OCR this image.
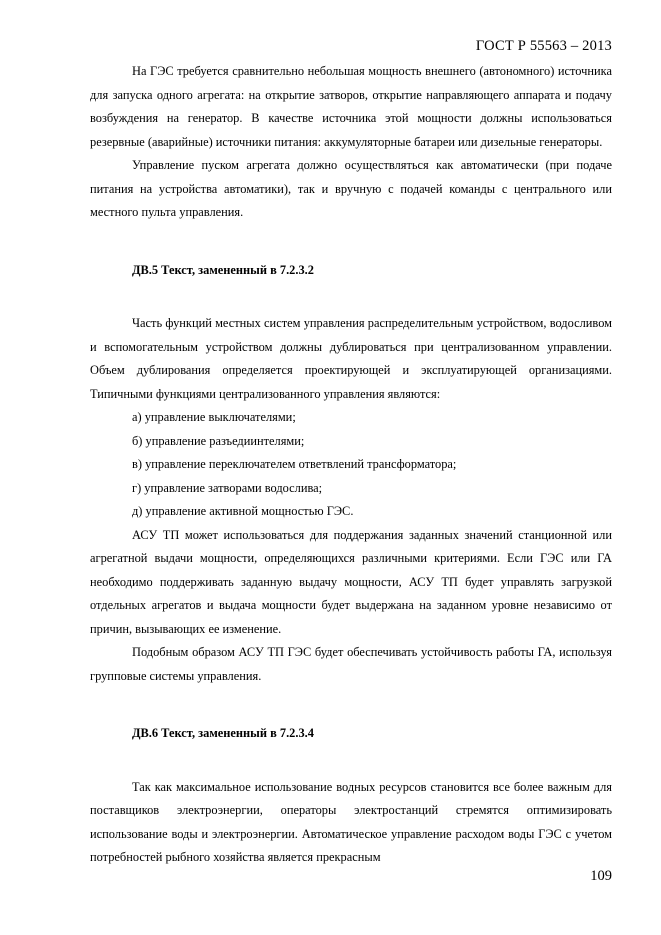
ГОСТ Р 55563 – 2013

На ГЭС требуется сравнительно небольшая мощность внешнего (автономного) источника для запуска одного агрегата: на открытие затворов, открытие направляющего аппарата и подачу возбуждения на генератор. В качестве источника этой мощности должны использоваться резервные (аварийные) источники питания: аккумуляторные батареи или дизельные генераторы.

Управление пуском агрегата должно осуществляться как автоматически (при подаче питания на устройства автоматики), так и вручную с подачей команды с центрального или местного пульта управления.

ДВ.5 Текст, замененный в 7.2.3.2

Часть функций местных систем управления распределительным устройством, водосливом и вспомогательным устройством должны дублироваться при централизованном управлении. Объем дублирования определяется проектирующей и эксплуатирующей организациями. Типичными функциями централизованного управления являются:

а) управление выключателями;

б) управление разъедиинтелями;

в) управление переключателем ответвлений трансформатора;

г) управление затворами водослива;

д) управление активной мощностью ГЭС.

АСУ ТП может использоваться для поддержания заданных значений станционной или агрегатной выдачи мощности, определяющихся различными критериями. Если ГЭС или ГА необходимо поддерживать заданную выдачу мощности, АСУ ТП будет управлять загрузкой отдельных агрегатов и выдача мощности будет выдержана на заданном уровне независимо от причин, вызывающих ее изменение.

Подобным образом АСУ ТП ГЭС будет обеспечивать устойчивость работы ГА, используя групповые системы управления.

ДВ.6 Текст, замененный в 7.2.3.4

Так как максимальное использование водных ресурсов становится все более важным для поставщиков электроэнергии, операторы электростанций стремятся оптимизировать использование воды и электроэнергии. Автоматическое управление расходом воды ГЭС с учетом потребностей рыбного хозяйства является прекрасным

109
